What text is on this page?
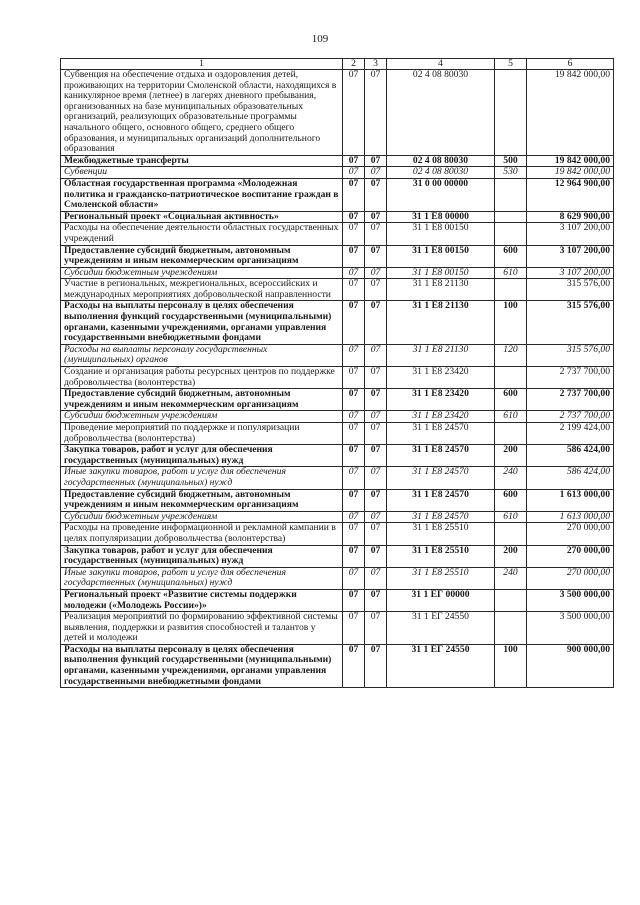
109
1	2	3	4	5	6
Субвенция на обеспечение отдыха и оздоровления детей, проживающих на территории Смоленской области, находящихся в каникулярное время (летнее) в лагерях дневного пребывания, организованных на базе муниципальных образовательных организаций, реализующих образовательные программы начального общего, основного общего, среднего общего образования, и муниципальных организаций дополнительного образования	07	07	02 4 08 80030		19 842 000,00
Межбюджетные трансферты	07	07	02 4 08 80030	500	19 842 000,00
Субвенции	07	07	02 4 08 80030	530	19 842 000,00
Областная государственная программа «Молодежная политика и гражданско-патриотическое воспитание граждан в Смоленской области»	07	07	31 0 00 00000		12 964 900,00
Региональный проект «Социальная активность»	07	07	31 1 E8 00000		8 629 900,00
Расходы на обеспечение деятельности областных государственных учреждений	07	07	31 1 E8 00150		3 107 200,00
Предоставление субсидий бюджетным, автономным учреждениям и иным некоммерческим организациям	07	07	31 1 E8 00150	600	3 107 200,00
Субсидии бюджетным учреждениям	07	07	31 1 E8 00150	610	3 107 200,00
Участие в региональных, межрегиональных, всероссийских и международных мероприятиях добровольческой направленности	07	07	31 1 E8 21130		315 576,00
Расходы на выплаты персоналу в целях обеспечения выполнения функций государственными (муниципальными) органами, казенными учреждениями, органами управления государственными внебюджетными фондами	07	07	31 1 E8 21130	100	315 576,00
Расходы на выплаты персоналу государственных (муниципальных) органов	07	07	31 1 E8 21130	120	315 576,00
Создание и организация работы ресурсных центров по поддержке добровольчества (волонтерства)	07	07	31 1 E8 23420		2 737 700,00
Предоставление субсидий бюджетным, автономным учреждениям и иным некоммерческим организациям	07	07	31 1 E8 23420	600	2 737 700,00
Субсидии бюджетным учреждениям	07	07	31 1 E8 23420	610	2 737 700,00
Проведение мероприятий по поддержке и популяризации добровольчества (волонтерства)	07	07	31 1 E8 24570		2 199 424,00
Закупка товаров, работ и услуг для обеспечения государственных (муниципальных) нужд	07	07	31 1 E8 24570	200	586 424,00
Иные закупки товаров, работ и услуг для обеспечения государственных (муниципальных) нужд	07	07	31 1 E8 24570	240	586 424,00
Предоставление субсидий бюджетным, автономным учреждениям и иным некоммерческим организациям	07	07	31 1 E8 24570	600	1 613 000,00
Субсидии бюджетным учреждениям	07	07	31 1 E8 24570	610	1 613 000,00
Расходы на проведение информационной и рекламной кампании в целях популяризации добровольчества (волонтерства)	07	07	31 1 E8 25510		270 000,00
Закупка товаров, работ и услуг для обеспечения государственных (муниципальных) нужд	07	07	31 1 E8 25510	200	270 000,00
Иные закупки товаров, работ и услуг для обеспечения государственных (муниципальных) нужд	07	07	31 1 E8 25510	240	270 000,00
Региональный проект «Развитие системы поддержки молодежи («Молодежь России»)»	07	07	31 1 EГ 00000		3 500 000,00
Реализация мероприятий по формированию эффективной системы выявления, поддержки и развития способностей и талантов у детей и молодежи	07	07	31 1 EГ 24550		3 500 000,00
Расходы на выплаты персоналу в целях обеспечения выполнения функций государственными (муниципальными) органами, казенными учреждениями, органами управления государственными внебюджетными фондами	07	07	31 1 EГ 24550	100	900 000,00
